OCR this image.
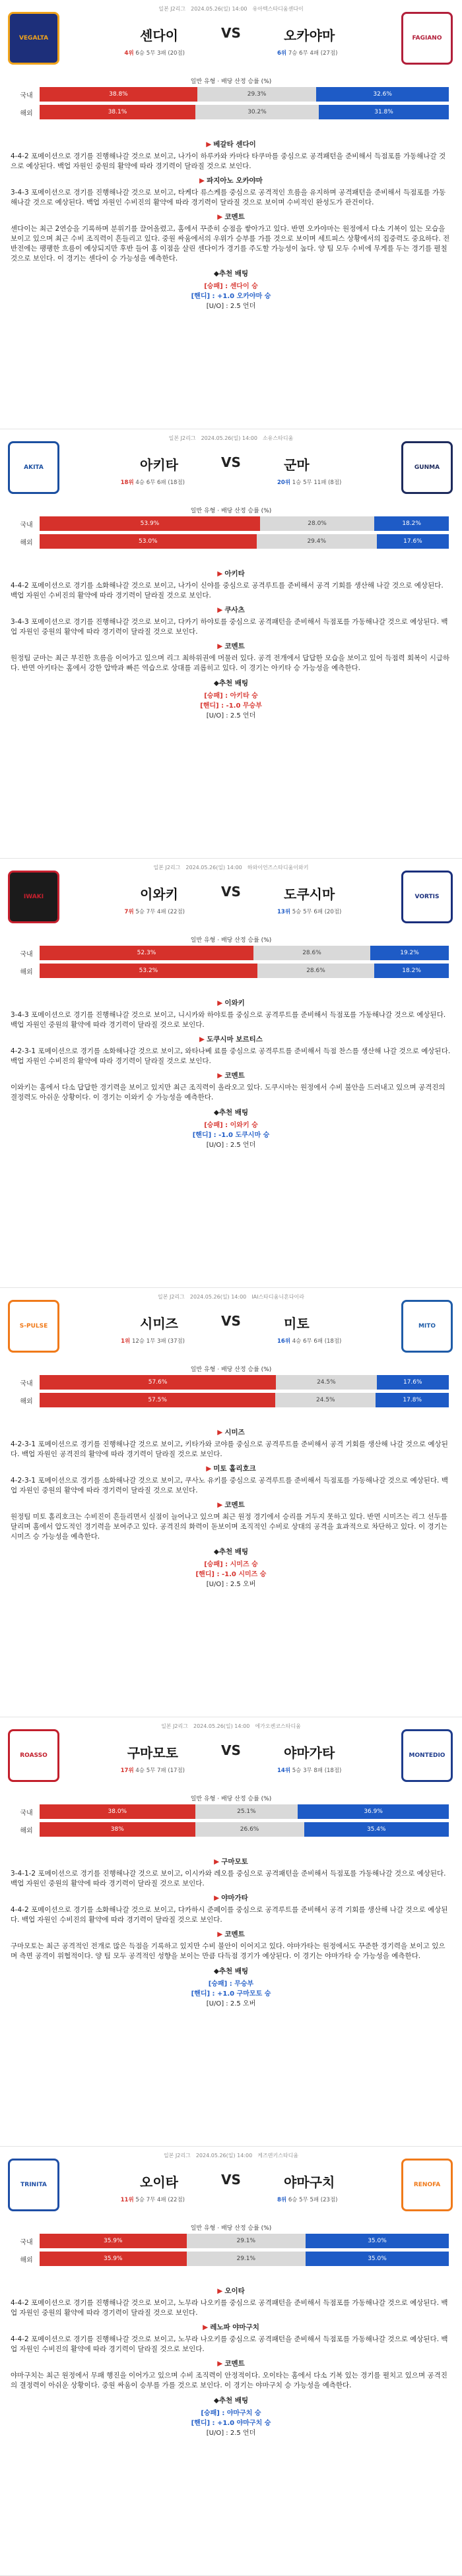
일본 J2리그 2024.05.26(일) 14:00 유아텍스타디움센다이
VEGALTA	센다이
4위 6승 5무 3패 (20점)
FAGIANO
오카야마
6위 7승 6무 4패 (27점)
VS
일반 유형 · 배당 산정 승률 (%)
국내	38.8%	29.3%	32.6%
해외	38.1%	30.2%	31.8%
▶ 베갈타 센다이

4-4-2 포메이션으로 경기를 진행해나갈 것으로 보이고, 나가이 하루카와 카마다 타쿠마를 중심으로 공격패턴을 준비해서 득점포를 가동해나갈 것으로 예상된다. 백업 자원인 중원의 활약에 따라 경기력이 달라질 것으로 보인다.

▶ 파지아노 오카야마

3-4-3 포메이션으로 경기를 진행해나갈 것으로 보이고, 타케다 류스케를 중심으로 공격적인 흐름을 유지하며 공격패턴을 준비해서 득점포를 가동해나갈 것으로 예상된다. 백업 자원인 수비진의 활약에 따라 경기력이 달라질 것으로 보이며 수비적인 완성도가 관건이다.

▶ 코멘트

센다이는 최근 2연승을 기록하며 분위기를 끌어올렸고, 홈에서 꾸준히 승점을 쌓아가고 있다. 반면 오카야마는 원정에서 다소 기복이 있는 모습을 보이고 있으며 최근 수비 조직력이 흔들리고 있다. 중원 싸움에서의 우위가 승부를 가를 것으로 보이며 세트피스 상황에서의 집중력도 중요하다. 전반전에는 팽팽한 흐름이 예상되지만 후반 들어 홈 이점을 살린 센다이가 경기를 주도할 가능성이 높다. 양 팀 모두 수비에 무게를 두는 경기를 펼칠 것으로 보인다. 이 경기는 센다이 승 가능성을 예측한다.

◆추천 배팅
[승패] : 센다이 승
[핸디] : +1.0 오카야마 승
[U/O] : 2.5 언더
일본 J2리그 2024.05.26(일) 14:00 소유스타디움
AKITA	아키타
18위 4승 6무 6패 (18점)
GUNMA
군마
20위 1승 5무 11패 (8점)
VS
일반 유형 · 배당 산정 승률 (%)
국내	53.9%	28.0%	18.2%
해외	53.0%	29.4%	17.6%
▶ 아키타

4-4-2 포메이션으로 경기를 소화해나갈 것으로 보이고, 나가이 신야를 중심으로 공격루트를 준비해서 공격 기회를 생산해 나갈 것으로 예상된다. 백업 자원인 수비진의 활약에 따라 경기력이 달라질 것으로 보인다.

▶ 쿠사츠

3-4-3 포메이션으로 경기를 진행해나갈 것으로 보이고, 다카기 하야토를 중심으로 공격패턴을 준비해서 득점포를 가동해나갈 것으로 예상된다. 백업 자원인 중원의 활약에 따라 경기력이 달라질 것으로 보인다.

▶ 코멘트

원정팀 군마는 최근 부진한 흐름을 이어가고 있으며 리그 최하위권에 머물러 있다. 공격 전개에서 답답한 모습을 보이고 있어 득점력 회복이 시급하다. 반면 아키타는 홈에서 강한 압박과 빠른 역습으로 상대를 괴롭히고 있다. 이 경기는 아키타 승 가능성을 예측한다.

◆추천 배팅
[승패] : 아키타 승
[핸디] : -1.0 무승부
[U/O] : 2.5 언더
일본 J2리그 2024.05.26(일) 14:00 하와이언즈스타디움이와키
IWAKI	이와키
7위 5승 7무 4패 (22점)
VORTIS
도쿠시마
13위 5승 5무 6패 (20점)
VS
일반 유형 · 배당 산정 승률 (%)
국내	52.3%	28.6%	19.2%
해외	53.2%	28.6%	18.2%
▶ 이와키

3-4-3 포메이션으로 경기를 진행해나갈 것으로 보이고, 니시카와 하야토를 중심으로 공격루트를 준비해서 득점포를 가동해나갈 것으로 예상된다. 백업 자원인 중원의 활약에 따라 경기력이 달라질 것으로 보인다.

▶ 도쿠시마 보르티스

4-2-3-1 포메이션으로 경기를 소화해나갈 것으로 보이고, 와타나베 료를 중심으로 공격루트를 준비해서 득점 찬스를 생산해 나갈 것으로 예상된다. 백업 자원인 수비진의 활약에 따라 경기력이 달라질 것으로 보인다.

▶ 코멘트

이와키는 홈에서 다소 답답한 경기력을 보이고 있지만 최근 조직력이 올라오고 있다. 도쿠시마는 원정에서 수비 불안을 드러내고 있으며 공격진의 결정력도 아쉬운 상황이다. 이 경기는 이와키 승 가능성을 예측한다.

◆추천 배팅
[승패] : 이와키 승
[핸디] : -1.0 도쿠시마 승
[U/O] : 2.5 언더
일본 J2리그 2024.05.26(일) 14:00 IAI스타디움니혼다이라
S-PULSE	시미즈
1위 12승 1무 3패 (37점)
MITO
미토
16위 4승 6무 6패 (18점)
VS
일반 유형 · 배당 산정 승률 (%)
국내	57.6%	24.5%	17.6%
해외	57.5%	24.5%	17.8%
▶ 시미즈

4-2-3-1 포메이션으로 경기를 진행해나갈 것으로 보이고, 키타가와 코야를 중심으로 공격루트를 준비해서 공격 기회를 생산해 나갈 것으로 예상된다. 백업 자원인 공격진의 활약에 따라 경기력이 달라질 것으로 보인다.

▶ 미토 홀리호크

4-2-3-1 포메이션으로 경기를 소화해나갈 것으로 보이고, 쿠사노 유키를 중심으로 공격루트를 준비해서 득점포를 가동해나갈 것으로 예상된다. 백업 자원인 중원의 활약에 따라 경기력이 달라질 것으로 보인다.

▶ 코멘트

원정팀 미토 홀리호크는 수비진이 흔들리면서 실점이 늘어나고 있으며 최근 원정 경기에서 승리를 거두지 못하고 있다. 반면 시미즈는 리그 선두를 달리며 홈에서 압도적인 경기력을 보여주고 있다. 공격진의 화력이 돋보이며 조직적인 수비로 상대의 공격을 효과적으로 차단하고 있다. 이 경기는 시미즈 승 가능성을 예측한다.

◆추천 배팅
[승패] : 시미즈 승
[핸디] : -1.0 시미즈 승
[U/O] : 2.5 오버
일본 J2리그 2024.05.26(일) 14:00 에가오켄코스타디움
ROASSO	구마모토
17위 4승 5무 7패 (17점)
MONTEDIO
야마가타
14위 5승 3무 8패 (18점)
VS
일반 유형 · 배당 산정 승률 (%)
국내	38.0%	25.1%	36.9%
해외	38%	26.6%	35.4%
▶ 구마모토

3-4-1-2 포메이션으로 경기를 진행해나갈 것으로 보이고, 이시카와 레오를 중심으로 공격패턴을 준비해서 득점포를 가동해나갈 것으로 예상된다. 백업 자원인 중원의 활약에 따라 경기력이 달라질 것으로 보인다.

▶ 야마가타

4-4-2 포메이션으로 경기를 소화해나갈 것으로 보이고, 다카하시 준페이를 중심으로 공격루트를 준비해서 공격 기회를 생산해 나갈 것으로 예상된다. 백업 자원인 수비진의 활약에 따라 경기력이 달라질 것으로 보인다.

▶ 코멘트

구마모토는 최근 공격적인 전개로 많은 득점을 기록하고 있지만 수비 불안이 이어지고 있다. 야마가타는 원정에서도 꾸준한 경기력을 보이고 있으며 측면 공격이 위협적이다. 양 팀 모두 공격적인 성향을 보이는 만큼 다득점 경기가 예상된다. 이 경기는 야마가타 승 가능성을 예측한다.

◆추천 배팅
[승패] : 무승부
[핸디] : +1.0 구마모토 승
[U/O] : 2.5 오버
일본 J2리그 2024.05.26(일) 14:00 케즈덴키스타디움
TRINITA	오이타
11위 5승 7무 4패 (22점)
RENOFA
야마구치
8위 6승 5무 5패 (23점)
VS
일반 유형 · 배당 산정 승률 (%)
국내	35.9%	29.1%	35.0%
해외	35.9%	29.1%	35.0%
▶ 오이타

4-4-2 포메이션으로 경기를 진행해나갈 것으로 보이고, 노무라 나오키를 중심으로 공격패턴을 준비해서 득점포를 가동해나갈 것으로 예상된다. 백업 자원인 중원의 활약에 따라 경기력이 달라질 것으로 보인다.

▶ 레노파 야마구치

4-4-2 포메이션으로 경기를 진행해나갈 것으로 보이고, 노무라 나오키를 중심으로 공격패턴을 준비해서 득점포를 가동해나갈 것으로 예상된다. 백업 자원인 수비진의 활약에 따라 경기력이 달라질 것으로 보인다.

▶ 코멘트

야마구치는 최근 원정에서 무패 행진을 이어가고 있으며 수비 조직력이 안정적이다. 오이타는 홈에서 다소 기복 있는 경기를 펼치고 있으며 공격진의 결정력이 아쉬운 상황이다. 중원 싸움이 승부를 가를 것으로 보인다. 이 경기는 야마구치 승 가능성을 예측한다.

◆추천 배팅
[승패] : 야마구치 승
[핸디] : +1.0 야마구치 승
[U/O] : 2.5 언더
